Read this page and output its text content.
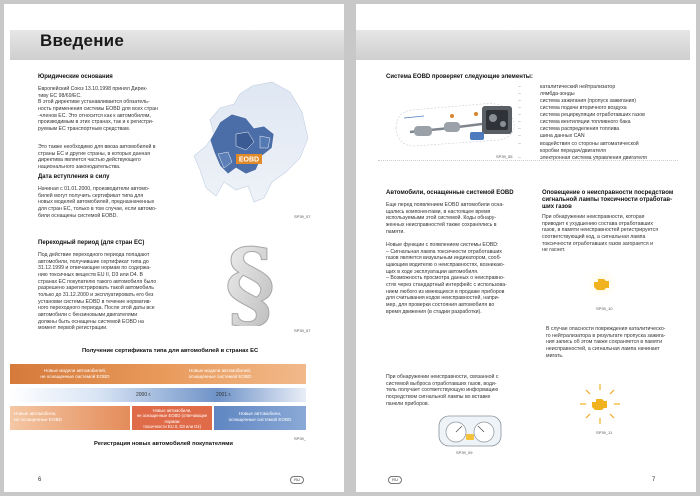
Введение
Юридические основания
Европейский Союз 13.10.1998 принял Дирек-
тиву ЕС 98/69/ЕС.
В этой директиве устанавливается обязатель-
ность применения системы EOBD для всех стран
-членов ЕС. Это относится как к автомобилям,
производимым в этих странах, так и к регистри-
руемым ЕС транспортным средствам.
Это также необходимо для ввоза автомобилей в
страны ЕС и другие страны, в которых данная
директива является частью действующего
национального законодательства.
Дата вступления в силу
Начиная с 01.01.2000, производители автомо-
билей могут получить сертификат типа для
новых моделей автомобилей, предназначенных
для стран ЕС, только в том случае, если автомо-
били оснащены системой EOBD.
Переходный период (для стран ЕС)
Под действие переходного периода попадают
автомобили, получившие сертификат типа до
31.12.1999 и отвечающие нормам по содержа-
нию токсичных веществ EU II, D3 или D4. В
странах ЕС покупателю такого автомобиля было
разрешено зарегистрировать такой автомобиль
только до 31.12.2000 и эксплуатировать его без
установки системы EOBD в течение норматив-
ного переходного периода. После этой даты все
автомобили с бензиновыми двигателями
должны быть оснащены системой EOBD на
момент первой регистрации.
EOBD
SP39_07
§	SP39_57
Получение сертификата типа для автомобилей в странах ЕС
Новые модели автомобилей,
не оснащенные системой EOBD
Новые модели автомобилей,
оснащенные системой EOBD
2000 г.	2001 г.
Новые автомобили,
не оснащенные EOBD
Новые автомобили,
не оснащенные EOBD (отвечающие нормам
токсичности EU II, D3 или D4)
Новые автомобили,
оснащенные системой EOBD
SP39_
Регистрация новых автомобилей покупателями
6	RU
Система EOBD проверяет следующие элементы:
SP39_55
–
–
–
–
–
–
–
–
–

–
каталитический нейтрализатор
лямбда-зонды
система зажигания (пропуск зажигания)
система подачи вторичного воздуха
система рециркуляции отработавших газов
система вентиляции топливного бака
система распределения топлива
шина данных CAN
воздействия со стороны автоматической
коробки передач/двигателя
электронная система управления двигателя
Автомобили, оснащенные системой EOBD
Еще перед появлением EOBD автомобили осна-
щались компонентами, в настоящее время
используемыми этой системой. Коды обнару-
женных неисправностей также сохранялись в
памяти.
Новые функции с появлением системы EOBD:
– Сигнальная лампа токсичности отработавших
газов является визуальным индикатором, сооб-
щающим водителю о неисправностях, возникаю-
щих в ходе эксплуатации автомобиля.
– Возможность просмотра данных о неисправно-
стях через стандартный интерфейс с использова-
нием любого из имеющихся в продаже приборов
для считывания кодов неисправностей, напри-
мер, для проверки состояния автомобиля во
время движения (в стадии разработки).
При обнаружении неисправности, связанной с
системой выброса отработавших газов, води-
тель получает соответствующую информацию
посредством сигнальной лампы во вставке
панели приборов.
SP39_09
Оповещение о неисправности посредством
сигнальной лампы токсичности отработав-
ших газов
При обнаружении неисправности, которая
приводит к ухудшению состава отработавших
газов, в памяти неисправностей регистрируется
соответствующий код, а сигнальная лампа
токсичности отработавших газов загорается и
не гаснет.
SP39_10
В случае опасности повреждения каталитическо-
го нейтрализатора в результате пропуска зажига-
ния запись об этом также сохраняется в памяти
неисправностей, а сигнальная лампа начинает
мигать.
SP39_11
RU	7
